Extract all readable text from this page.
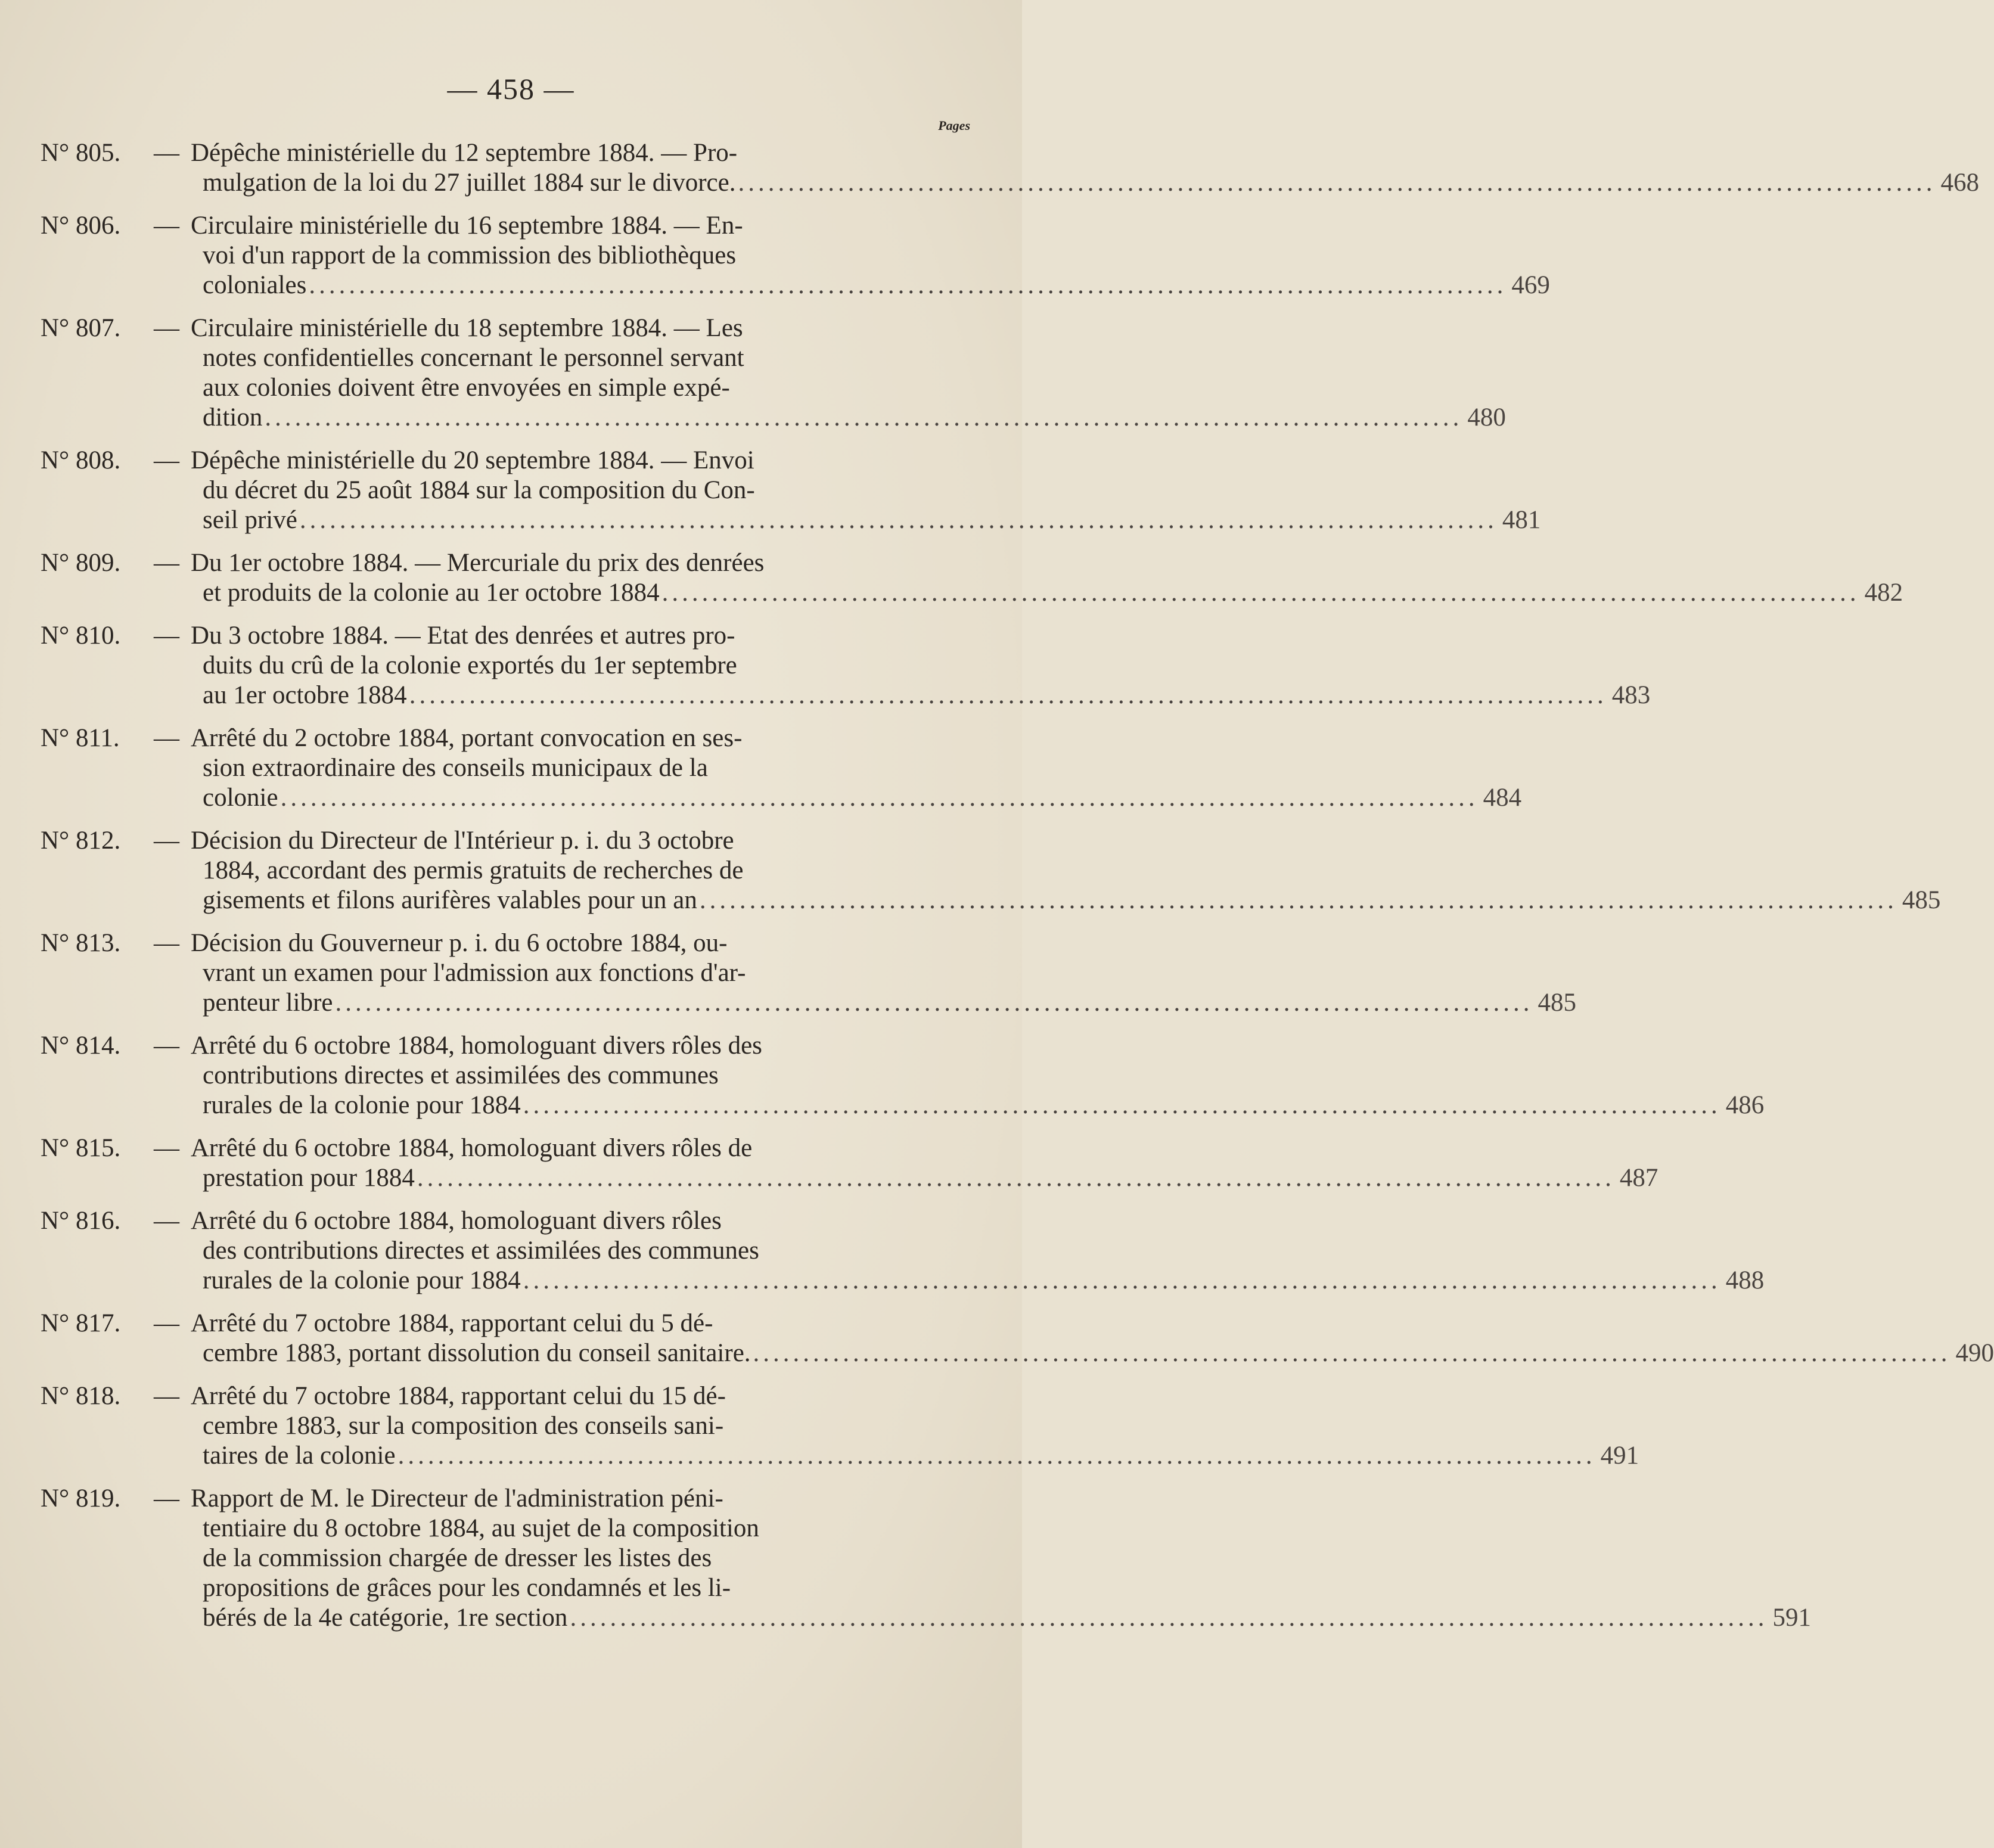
— 458 —
Pages
N° 805.	— Dépêche ministérielle du 12 septembre 1884. — Pro-
mulgation de la loi du 27 juillet 1884 sur le divorce. ........................................................................................................................ 468
N° 806.	— Circulaire ministérielle du 16 septembre 1884. — En-
voi d'un rapport de la commission des bibliothèques
coloniales ........................................................................................................................ 469
N° 807.	— Circulaire ministérielle du 18 septembre 1884. — Les
notes confidentielles concernant le personnel servant
aux colonies doivent être envoyées en simple expé-
dition ........................................................................................................................ 480
N° 808.	— Dépêche ministérielle du 20 septembre 1884. — Envoi
du décret du 25 août 1884 sur la composition du Con-
seil privé ........................................................................................................................ 481
N° 809.	— Du 1er octobre 1884. — Mercuriale du prix des denrées
et produits de la colonie au 1er octobre 1884 ........................................................................................................................ 482
N° 810.	— Du 3 octobre 1884. — Etat des denrées et autres pro-
duits du crû de la colonie exportés du 1er septembre
au 1er octobre 1884 ........................................................................................................................ 483
N° 811.	— Arrêté du 2 octobre 1884, portant convocation en ses-
sion extraordinaire des conseils municipaux de la
colonie ........................................................................................................................ 484
N° 812.	— Décision du Directeur de l'Intérieur p. i. du 3 octobre
1884, accordant des permis gratuits de recherches de
gisements et filons aurifères valables pour un an ........................................................................................................................ 485
N° 813.	— Décision du Gouverneur p. i. du 6 octobre 1884, ou-
vrant un examen pour l'admission aux fonctions d'ar-
penteur libre ........................................................................................................................ 485
N° 814.	— Arrêté du 6 octobre 1884, homologuant divers rôles des
contributions directes et assimilées des communes
rurales de la colonie pour 1884 ........................................................................................................................ 486
N° 815.	— Arrêté du 6 octobre 1884, homologuant divers rôles de
prestation pour 1884 ........................................................................................................................ 487
N° 816.	— Arrêté du 6 octobre 1884, homologuant divers rôles
des contributions directes et assimilées des communes
rurales de la colonie pour 1884 ........................................................................................................................ 488
N° 817.	— Arrêté du 7 octobre 1884, rapportant celui du 5 dé-
cembre 1883, portant dissolution du conseil sanitaire. ........................................................................................................................ 490
N° 818.	— Arrêté du 7 octobre 1884, rapportant celui du 15 dé-
cembre 1883, sur la composition des conseils sani-
taires de la colonie ........................................................................................................................ 491
N° 819.	— Rapport de M. le Directeur de l'administration péni-
tentiaire du 8 octobre 1884, au sujet de la composition
de la commission chargée de dresser les listes des
propositions de grâces pour les condamnés et les li-
bérés de la 4e catégorie, 1re section ........................................................................................................................ 591
